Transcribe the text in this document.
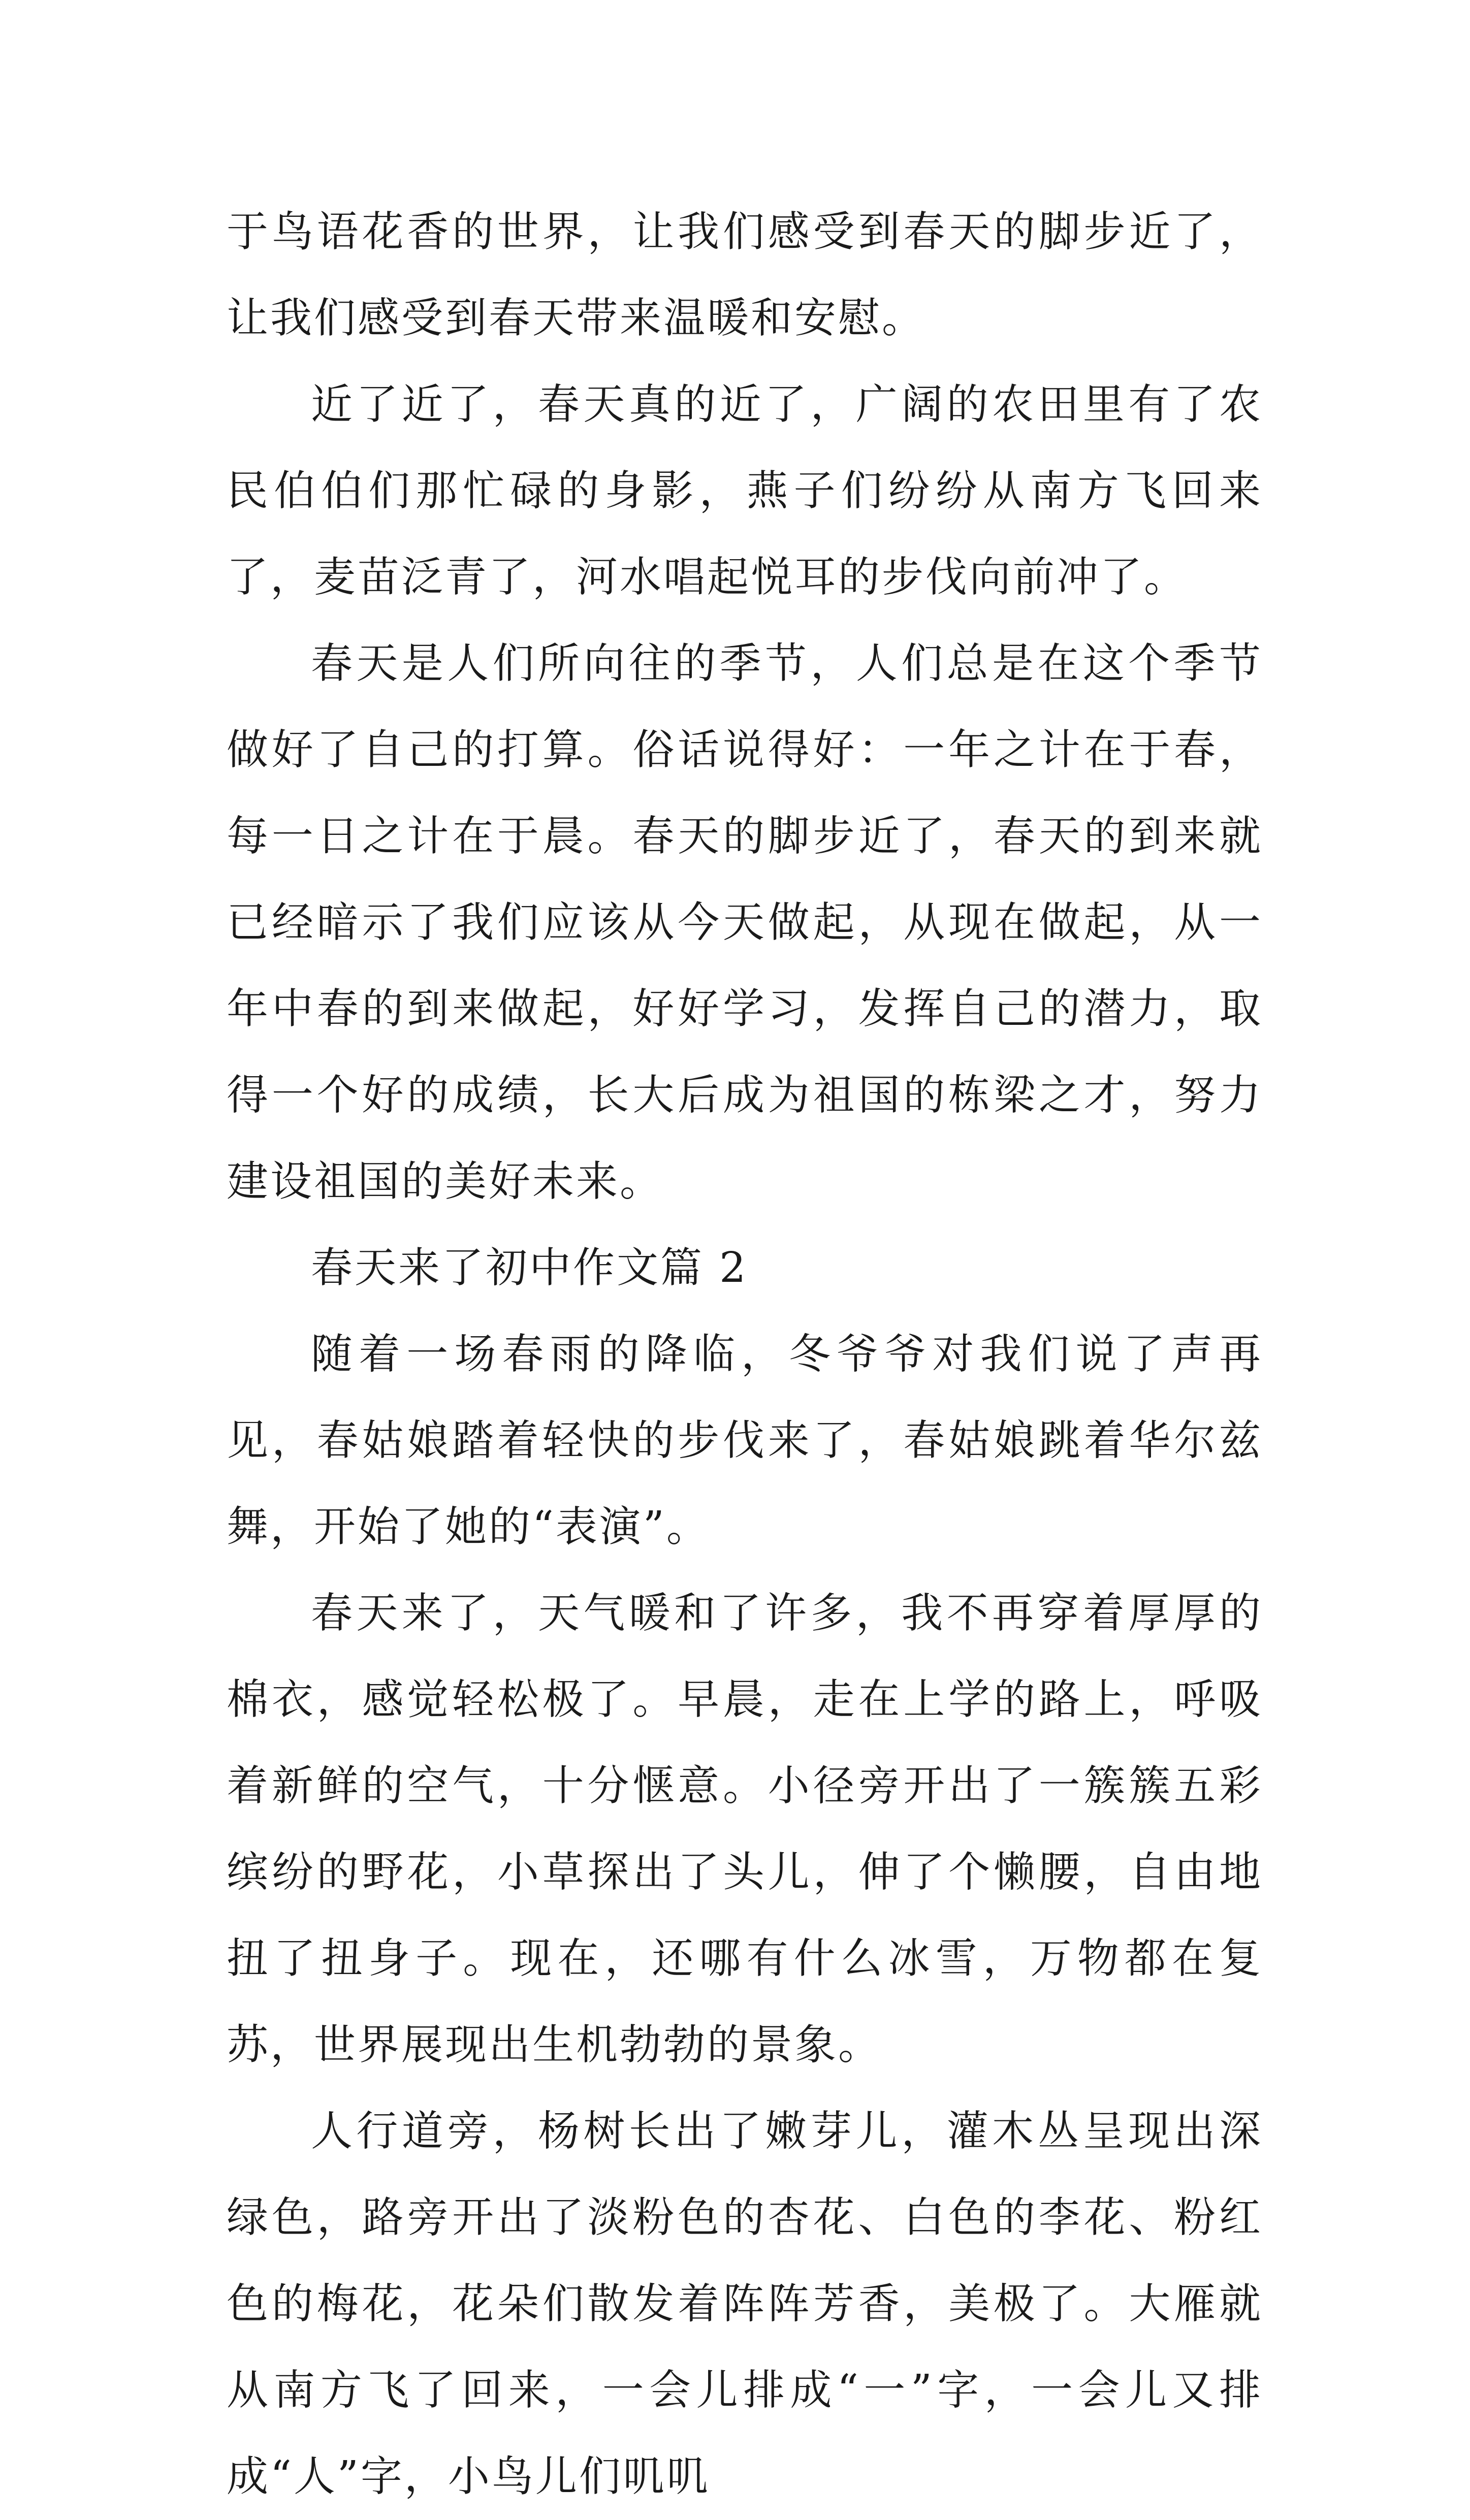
于鸟语花香的世界，让我们感受到春天的脚步近了，让我们感受到春天带来温暖和安慰。

近了近了，春天真的近了，广阔的农田里有了农民伯伯们那忙碌的身影，燕子们纷纷从南方飞回来了，麦苗泛青了，河水唱起悦耳的步伐向前冲了。

春天是人们所向往的季节，人们总是在这个季节做好了自己的打算。俗话说得好：一年之计在于春，每一日之计在于晨。春天的脚步近了，春天的到来就已经暗示了我们应该从今天做起，从现在做起，从一年中春的到来做起，好好学习，发挥自己的潜力，取得一个好的成绩，长大后成为祖国的栋梁之才，努力建设祖国的美好未来。

春天来了初中作文篇 2

随着一场春雨的降临，冬爷爷对我们说了声再见，春姑娘踏着轻快的步伐来了，春姑娘跳着华尔兹舞，开始了她的“表演”。

春天来了，天气暖和了许多，我不再穿着厚厚的棉衣，感觉轻松极了。早晨，走在上学的路上，呼吸着新鲜的空气，十分惬意。小径旁开出了一簇簇五彩缤纷的野花，小草探出了头儿，伸了个懒腰，自由地扭了扭身子。现在，还哪有什么冰雪，万物都在复苏，世界展现出生机勃勃的景象。

人行道旁，杨树长出了嫩芽儿，灌木丛呈现出深绿色，路旁开出了淡粉色的杏花、白色的李花、粉红色的梅花，花朵们散发着阵阵芳香，美极了。大雁就从南方飞了回来，一会儿排成“一”字，一会儿又排成“人”字，小鸟儿们叽叽
